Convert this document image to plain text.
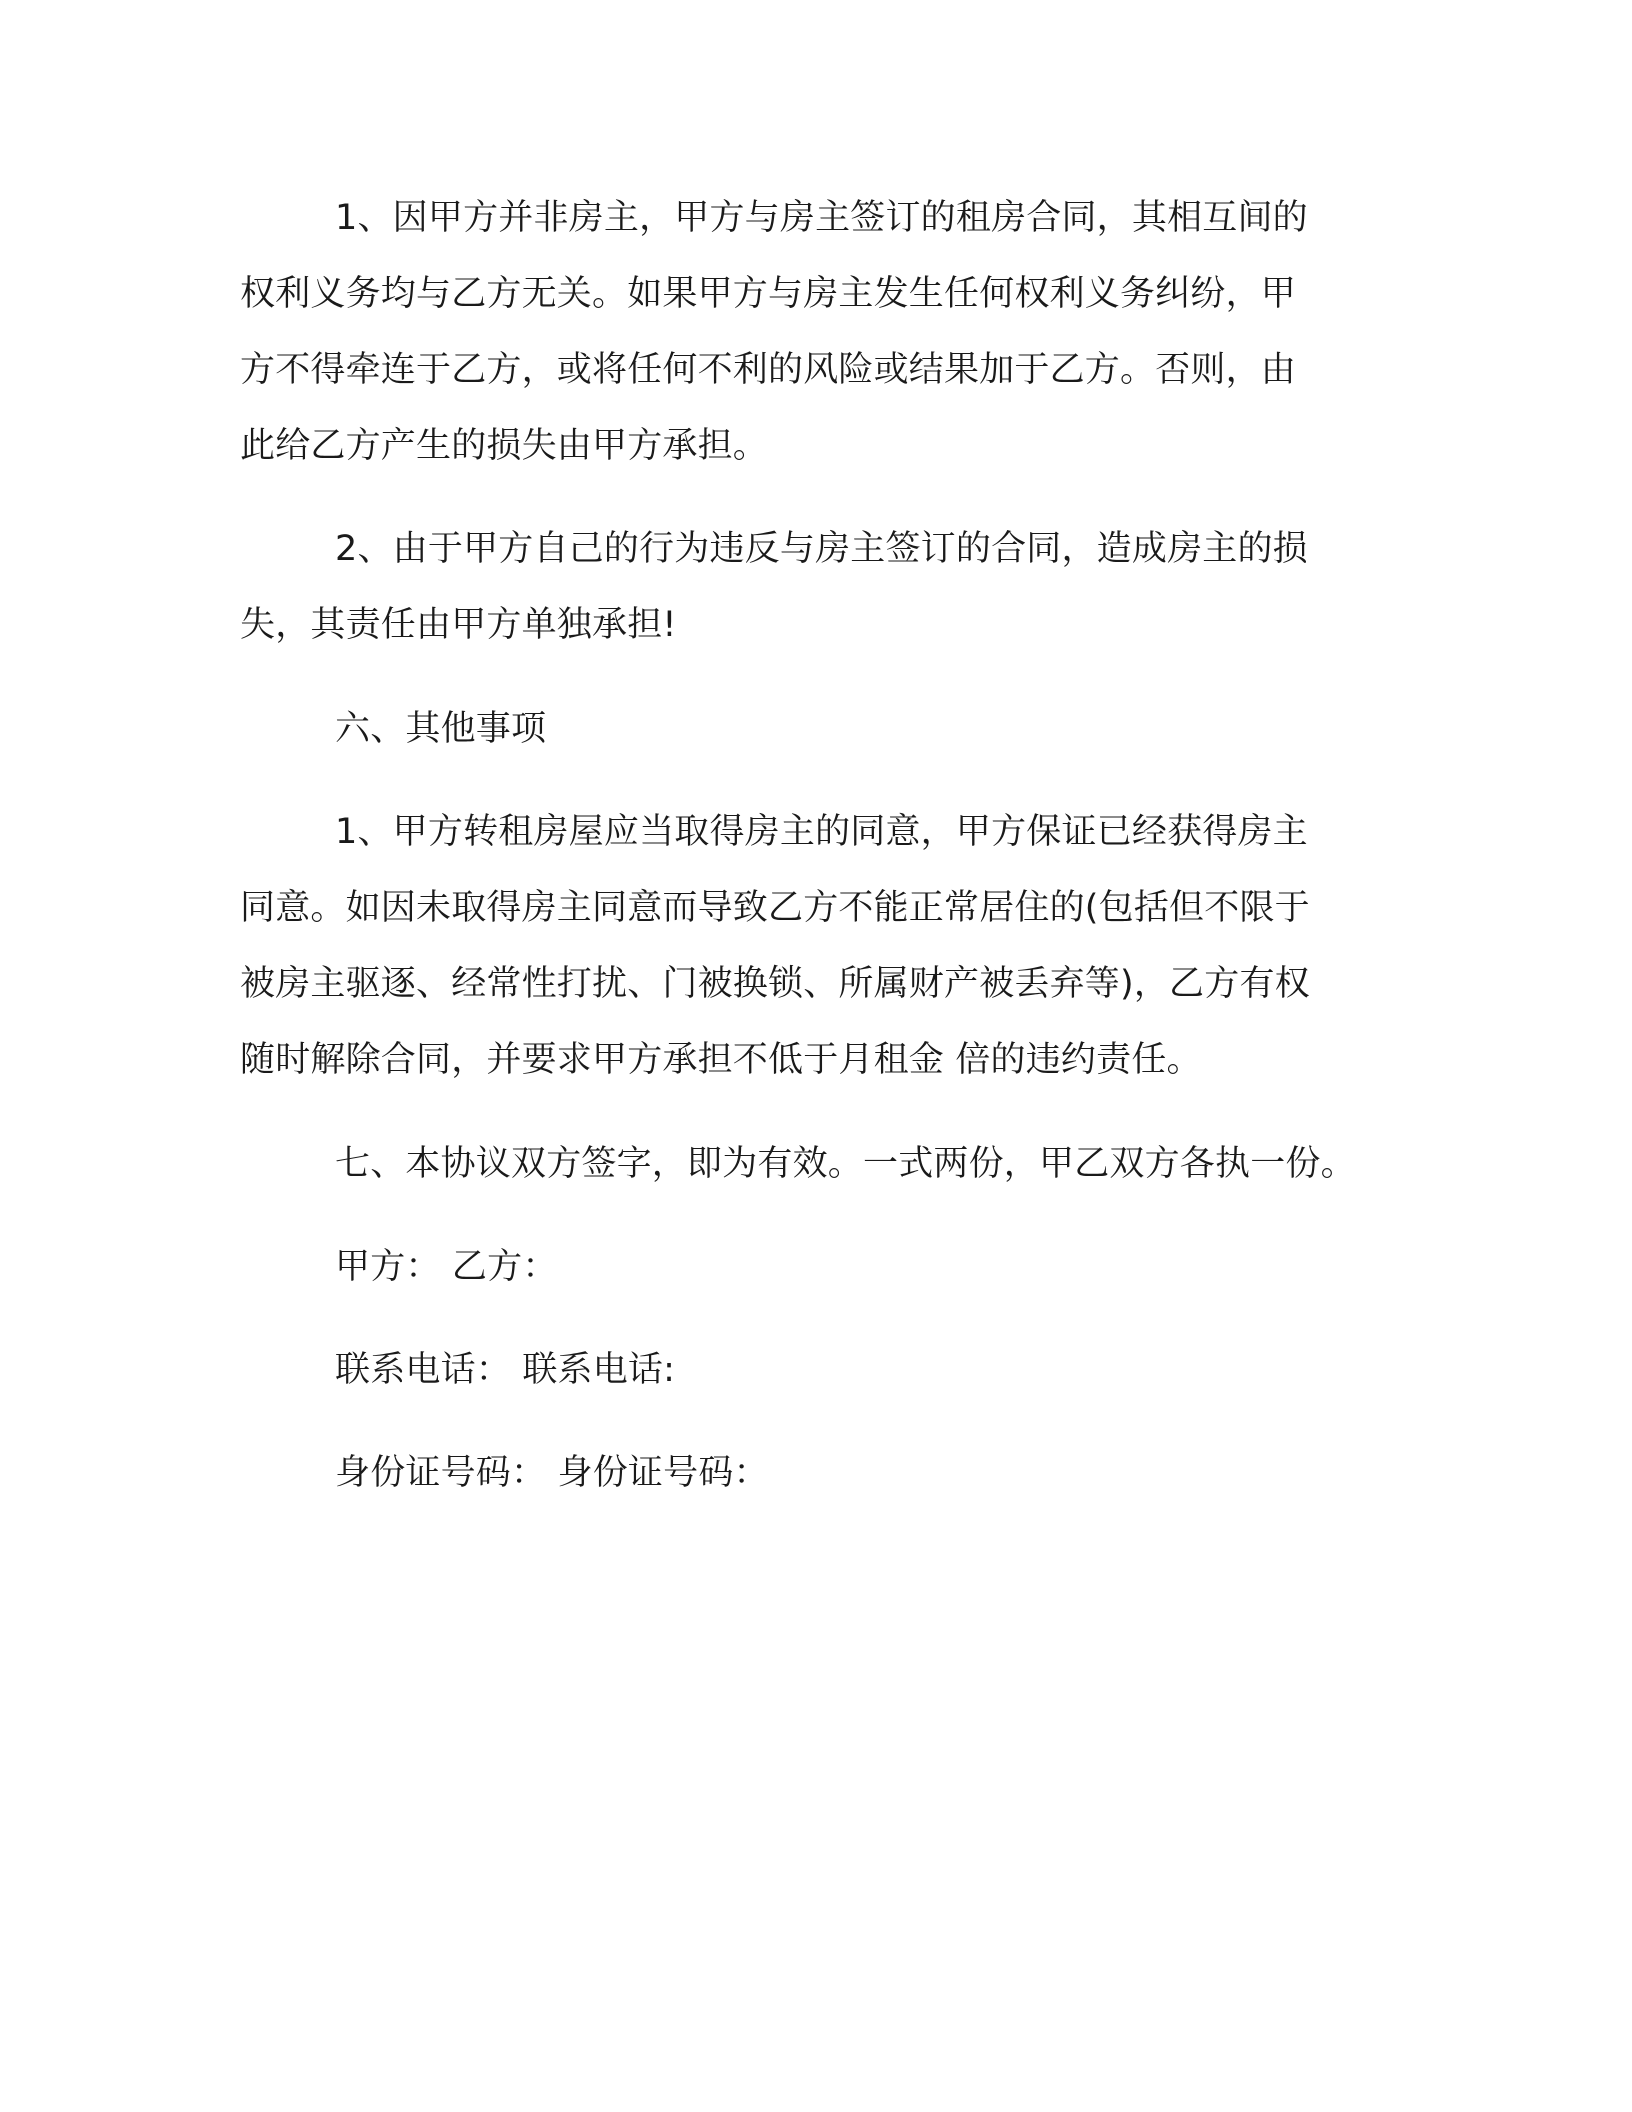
1、因甲方并非房主，甲方与房主签订的租房合同，其相互间的
权利义务均与乙方无关。如果甲方与房主发生任何权利义务纠纷，甲
方不得牵连于乙方，或将任何不利的风险或结果加于乙方。否则，由
此给乙方产生的损失由甲方承担。
2、由于甲方自己的行为违反与房主签订的合同，造成房主的损
失，其责任由甲方单独承担!
六、其他事项
1、甲方转租房屋应当取得房主的同意，甲方保证已经获得房主
同意。如因未取得房主同意而导致乙方不能正常居住的(包括但不限于
被房主驱逐、经常性打扰、门被换锁、所属财产被丢弃等)，乙方有权
随时解除合同，并要求甲方承担不低于月租金 倍的违约责任。
七、本协议双方签字，即为有效。一式两份，甲乙双方各执一份。
甲方： 乙方：
联系电话： 联系电话:
身份证号码： 身份证号码：
